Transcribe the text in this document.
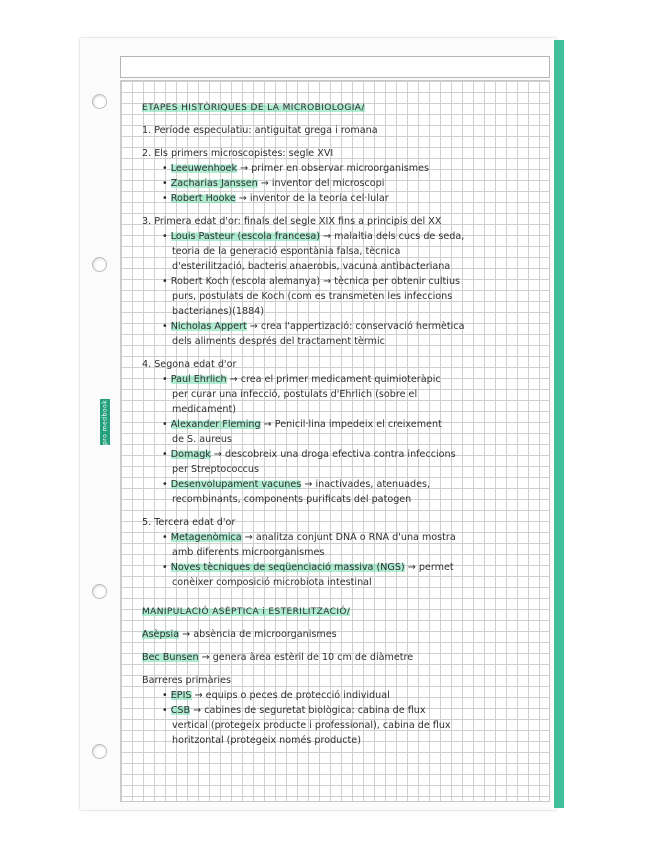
pro medbook
ETAPES HISTÒRIQUES DE LA MICROBIOLOGIA/
1. Període especulatiu: antiguitat grega i romana
2. Els primers microscopistes: segle XVI
• Leeuwenhoek → primer en observar microorganismes
• Zacharias Janssen → inventor del microscopi
• Robert Hooke → inventor de la teoria cel·lular
3. Primera edat d'or: finals del segle XIX fins a principis del XX
• Louis Pasteur (escola francesa) → malaltia dels cucs de seda,
teoria de la generació espontània falsa, tècnica
d'esterilització, bacteris anaerobis, vacuna antibacteriana
• Robert Koch (escola alemanya) → tècnica per obtenir cultius
purs, postulats de Koch (com es transmeten les infeccions
bacterianes)(1884)
• Nicholas Appert → crea l'appertizació: conservació hermètica
dels aliments després del tractament tèrmic
4. Segona edat d'or
• Paul Ehrlich → crea el primer medicament quimioteràpic
per curar una infecció, postulats d'Ehrlich (sobre el
medicament)
• Alexander Fleming → Penicil·lina impedeix el creixement
de S. aureus
• Domagk → descobreix una droga efectiva contra infeccions
per Streptococcus
• Desenvolupament vacunes → inactivades, atenuades,
recombinants, components purificats del patogen
5. Tercera edat d'or
• Metagenòmica → analitza conjunt DNA o RNA d'una mostra
amb diferents microorganismes
• Noves tècniques de seqüenciació massiva (NGS) → permet
conèixer composició microbiota intestinal
MANIPULACIÓ ASÈPTICA i ESTERILITZACIÓ/
Asèpsia → absència de microorganismes
Bec Bunsen → genera àrea estèril de 10 cm de diàmetre
Barreres primàries
• EPIS → equips o peces de protecció individual
• CSB → cabines de seguretat biològica: cabina de flux
vertical (protegeix producte i professional), cabina de flux
horitzontal (protegeix només producte)
